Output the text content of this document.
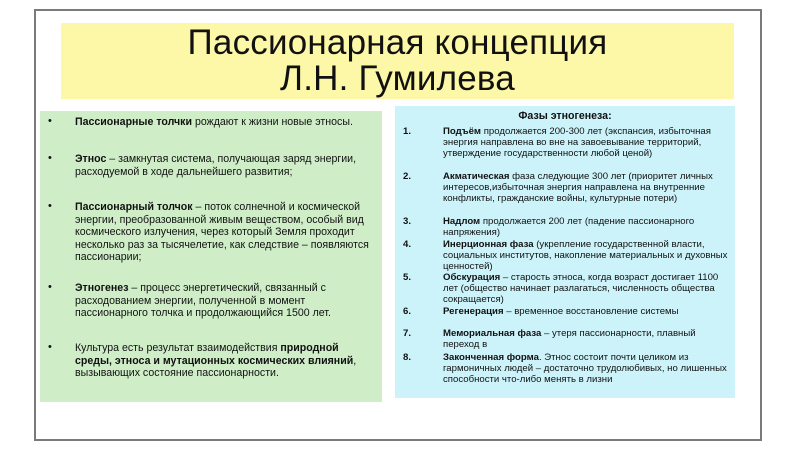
Пассионарная концепция
Л.Н. Гумилева
• Пассионарные толчки рождают к жизни новые этносы.
• Этнос – замкнутая система, получающая заряд энергии, расходуемой в ходе дальнейшего развития;
• Пассионарный толчок – поток солнечной и космической энергии, преобразованной живым веществом, особый вид космического излучения, через который Земля проходит несколько раз за тысячелетие, как следствие – появляются пассионарии;
• Этногенез – процесс энергетический, связанный с расходованием энергии, полученной в момент пассионарного толчка и продолжающийся 1500 лет.
• Культура есть результат взаимодействия природной среды, этноса и мутационных космических влияний, вызывающих состояние пассионарности.
Фазы этногенеза:
1.	Подъём продолжается 200-300 лет (экспансия, избыточная энергия направлена во вне на завоевывание территорий, утверждение государственности любой ценой)
2.	Акматическая фаза следующие 300 лет (приоритет личных интересов,избыточная энергия направлена на внутренние конфликты, гражданские войны, культурные потери)
3.	Надлом продолжается 200 лет (падение пассионарного напряжения)
4.	Инерционная фаза (укрепление государственной власти, социальных институтов, накопление материальных и духовных ценностей)
5.	Обскурация – старость этноса, когда возраст достигает 1100 лет (общество начинает разлагаться, численность общества сокращается)
6.	Регенерация – временное восстановление системы
7.	Мемориальная фаза – утеря пассионарности, плавный переход в
8.	Законченная форма. Этнос состоит почти целиком из гармоничных людей – достаточно трудолюбивых, но лишенных способности что-либо менять в лизни
